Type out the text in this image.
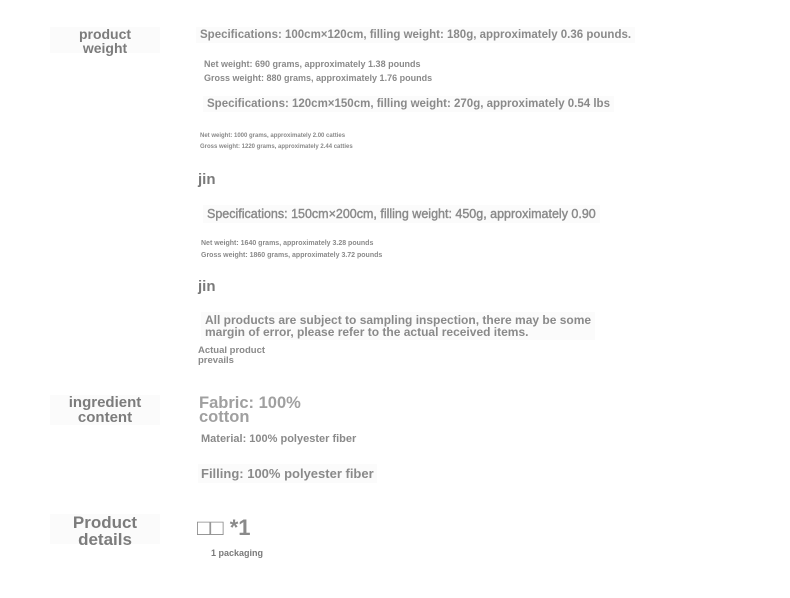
product
weight
Specifications: 100cm×120cm, filling weight: 180g, approximately 0.36 pounds.
Net weight: 690 grams, approximately 1.38 pounds
Gross weight: 880 grams, approximately 1.76 pounds
Specifications: 120cm×150cm, filling weight: 270g, approximately 0.54 lbs
Net weight: 1000 grams, approximately 2.00 catties
Gross weight: 1220 grams, approximately 2.44 catties
jin
Specifications: 150cm×200cm, filling weight: 450g, approximately 0.90
Net weight: 1640 grams, approximately 3.28 pounds
Gross weight: 1860 grams, approximately 3.72 pounds
jin
All products are subject to sampling inspection, there may be some
margin of error, please refer to the actual received items.
Actual product
prevails
ingredient
content
Fabric: 100%
cotton
Material: 100% polyester fiber
Filling: 100% polyester fiber
Product
details	□□ *1
1 packaging
